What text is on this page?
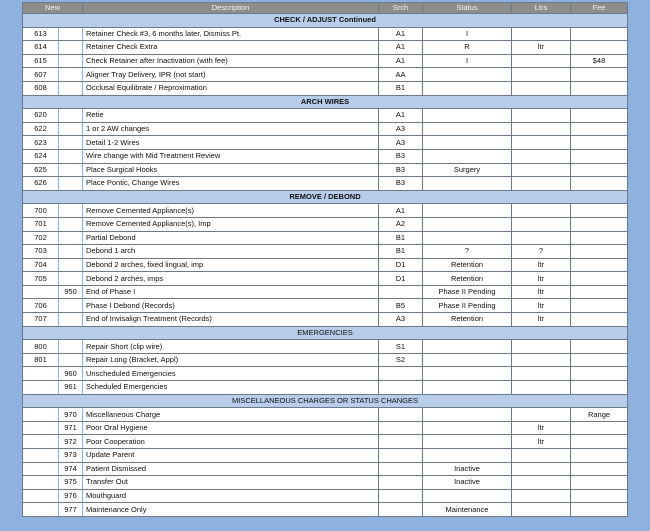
New		Description	Srch	Status	Ltrs	Fee
CHECK / ADJUST Continued						
613		Retainer Check #3, 6 months later, Dismiss Pt.	A1	I		
614		Retainer Check Extra	A1	R	ltr	
615		Check Retainer after Inactivation (with fee)	A1	I		$48
607		Aligner Tray Delivery, IPR (not start)	AA			
608		Occlusal Equilibrate / Reproximation	B1			
ARCH WIRES						
620		Retie	A1			
622		1 or 2 AW changes	A3			
623		Detail 1-2 Wires	A3			
624		Wire change with Mid Treatment Review	B3			
625		Place Surgical Hooks	B3	Surgery		
626		Place Pontic, Change Wires	B3			
REMOVE / DEBOND						
700		Remove Cemented Appliance(s)	A1			
701		Remove Cemented Appliance(s), Imp	A2			
702		Partial Debond	B1			
703		Debond 1 arch	B1	?	?	
704		Debond 2 arches, fixed lingual, imp	D1	Retention	ltr	
705		Debond 2 arches, imps	D1	Retention	ltr	
	950	End of Phase I		Phase II Pending	ltr	
706		Phase I Debond (Records)	B5	Phase II Pending	ltr	
707		End of Invisalign Treatment (Records)	A3	Retention	ltr	
EMERGENCIES						
800		Repair Short (clip wire)	S1			
801		Repair Long (Bracket, Appl)	S2			
	960	Unscheduled Emergencies				
	961	Scheduled Emergencies				
MISCELLANEOUS CHARGES OR STATUS CHANGES						
	970	Miscellaneous Charge				Range
	971	Poor Oral Hygiene			ltr	
	972	Poor Cooperation			ltr	
	973	Update Parent				
	974	Patient Dismissed		Inactive		
	975	Transfer Out		Inactive		
	976	Mouthguard				
	977	Maintenance Only		Maintenance		
